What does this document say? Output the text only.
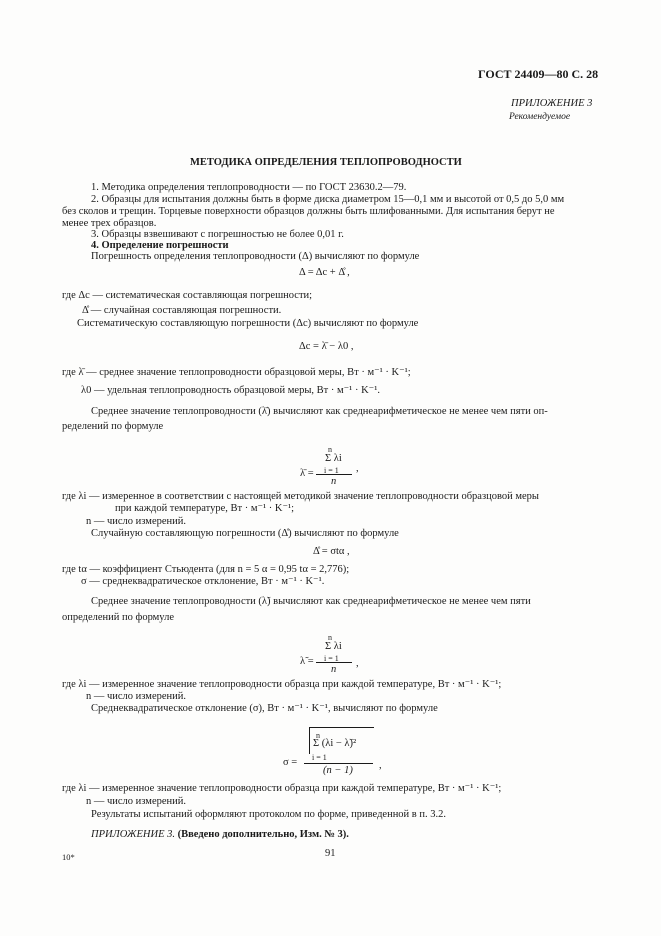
ГОСТ 24409—80 С. 28
ПРИЛОЖЕНИЕ 3
Рекомендуемое
МЕТОДИКА ОПРЕДЕЛЕНИЯ ТЕПЛОПРОВОДНОСТИ
1. Методика определения теплопроводности — по ГОСТ 23630.2—79.
2. Образцы для испытания должны быть в форме диска диаметром 15—0,1 мм и высотой от 0,5 до 5,0 мм
без сколов и трещин. Торцевые поверхности образцов должны быть шлифованными. Для испытания берут не
менее трех образцов.
3. Образцы взвешивают с погрешностью не более 0,01 г.
4. Определение погрешности
Погрешность определения теплопроводности (Δ) вычисляют по формуле
Δ = Δс + Δ̊ ,
где Δс — систематическая составляющая погрешности;
Δ̊ — случайная составляющая погрешности.
Систематическую составляющую погрешности (Δс) вычисляют по формуле
Δс = λ̄ − λ0 ,
где λ̄ — среднее значение теплопроводности образцовой меры, Вт · м⁻¹ · K⁻¹;
λ0 — удельная теплопроводность образцовой меры, Вт · м⁻¹ · K⁻¹.
Среднее значение теплопроводности (λ̄) вычисляют как среднеарифметическое не менее чем пяти оп-
ределений по формуле
n
Σ λi
i = 1
λ̄ =
n
,
где λi — измеренное в соответствии с настоящей методикой значение теплопроводности образцовой меры
при каждой температуре, Вт · м⁻¹ · K⁻¹;
n — число измерений.
Случайную составляющую погрешности (Δ̊) вычисляют по формуле
Δ̊ = σtα ,
где tα — коэффициент Стьюдента (для n = 5 α = 0,95 tα = 2,776);
σ — среднеквадратическое отклонение, Вт · м⁻¹ · K⁻¹.
Среднее значение теплопроводности (λ̃) вычисляют как среднеарифметическое не менее чем пяти
определений по формуле
n
Σ λi
i = 1
λ̃ =
n
,
где λi — измеренное значение теплопроводности образца при каждой температуре, Вт · м⁻¹ · K⁻¹;
n — число измерений.
Среднеквадратическое отклонение (σ), Вт · м⁻¹ · K⁻¹, вычисляют по формуле
n
Σ (λi − λ̃)²
i = 1
σ =
(n − 1) ,
где λi — измеренное значение теплопроводности образца при каждой температуре, Вт · м⁻¹ · K⁻¹;
n — число измерений.
Результаты испытаний оформляют протоколом по форме, приведенной в п. 3.2.
ПРИЛОЖЕНИЕ 3. (Введено дополнительно, Изм. № 3).
10*	91
